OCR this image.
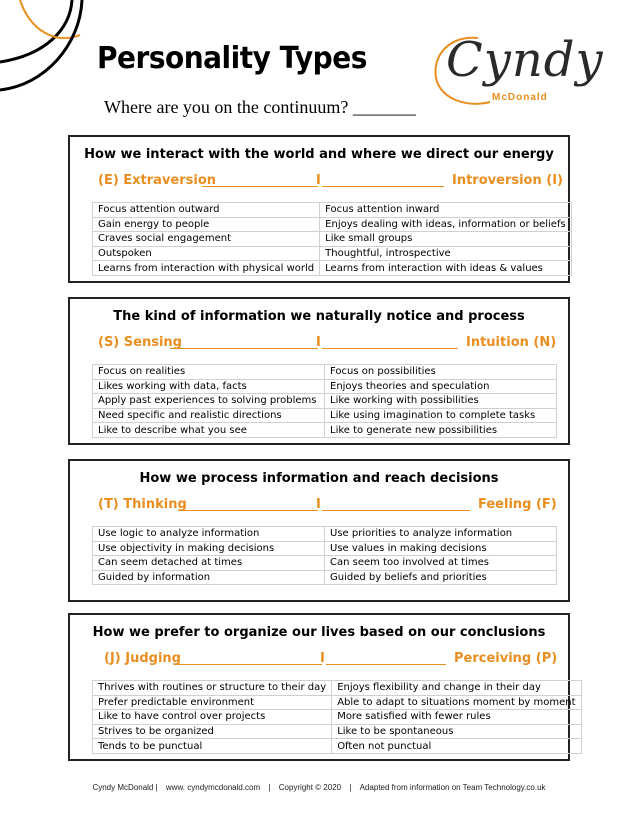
Personality Types
Where are you on the continuum? _______
Cyndy
McDonald
How we interact with the world and where we direct our energy
(E) Extraversion	I	Introversion (I)
Focus attention outward	Focus attention inward
Gain energy to people	Enjoys dealing with ideas, information or beliefs
Craves social engagement	Like small groups
Outspoken	Thoughtful, introspective
Learns from interaction with physical world	Learns from interaction with ideas & values
The kind of information we naturally notice and process
(S) Sensing	I	Intuition (N)
Focus on realities	Focus on possibilities
Likes working with data, facts	Enjoys theories and speculation
Apply past experiences to solving problems	Like working with possibilities
Need specific and realistic directions	Like using imagination to complete tasks
Like to describe what you see	Like to generate new possibilities
How we process information and reach decisions
(T) Thinking	I	Feeling (F)
Use logic to analyze information	Use priorities to analyze information
Use objectivity in making decisions	Use values in making decisions
Can seem detached at times	Can seem too involved at times
Guided by information	Guided by beliefs and priorities
How we prefer to organize our lives based on our conclusions
(J) Judging	I	Perceiving (P)
Thrives with routines or structure to their day	Enjoys flexibility and change in their day
Prefer predictable environment	Able to adapt to situations moment by moment
Like to have control over projects	More satisfied with fewer rules
Strives to be organized	Like to be spontaneous
Tends to be punctual	Often not punctual
Cyndy McDonald | www. cyndymcdonald.com | Copyright © 2020 | Adapted from information on Team Technology.co.uk
